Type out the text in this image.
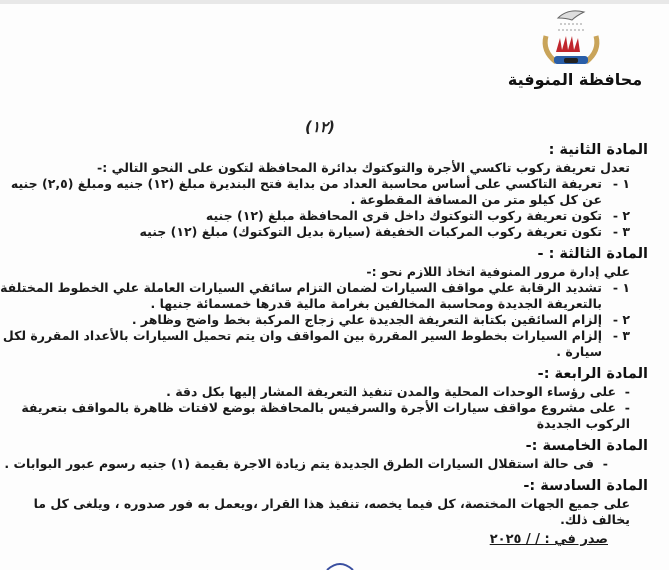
محافظة المنوفية
(١٢)
المادة الثانية :
تعدل تعريفة ركوب تاكسي الأجرة والتوكتوك بدائرة المحافظة لتكون على النحو التالي :-
١ -
تعريفة التاكسي على أساس محاسبة العداد من بداية فتح البنديرة مبلغ (١٢) جنيه ومبلغ (٢,٥) جنيه عن كل كيلو متر من المسافة المقطوعة .
٢ -
تكون تعريفة ركوب التوكتوك داخل قرى المحافظة مبلغ (١٢) جنيه
٣ -
تكون تعريفة ركوب المركبات الخفيفة (سيارة بديل التوكتوك) مبلغ (١٢) جنيه
المادة الثالثة : -
علي إدارة مرور المنوفية اتخاذ اللازم نحو :-
١ -
تشديد الرقابة علي مواقف السيارات لضمان التزام سائقي السيارات العاملة علي الخطوط المختلفة بالتعريفة الجديدة ومحاسبة المخالفين بغرامة مالية قدرها خمسمائة جنيها .
٢ -
إلزام السائقين بكتابة التعريفة الجديدة علي زجاج المركبة بخط واضح وظاهر .
٣ -
إلزام السيارات بخطوط السير المقررة بين المواقف وان يتم تحميل السيارات بالأعداد المقررة لكل سيارة .
المادة الرابعة :-
-على رؤساء الوحدات المحلية والمدن تنفيذ التعريفة المشار إليها بكل دقة .
-على مشروع مواقف سيارات الأجرة والسرفيس بالمحافظة بوضع لافتات ظاهرة بالمواقف بتعريفة الركوب الجديدة
المادة الخامسة :-
-فى حالة استقلال السيارات الطرق الجديدة يتم زيادة الاجرة بقيمة (١) جنيه رسوم عبور البوابات .
المادة السادسة :-
على جميع الجهات المختصة، كل فيما يخصه، تنفيذ هذا القرار ،ويعمل به فور صدوره ، ويلغى كل ما يخالف ذلك.
صدر في : / / ٢٠٢٥
